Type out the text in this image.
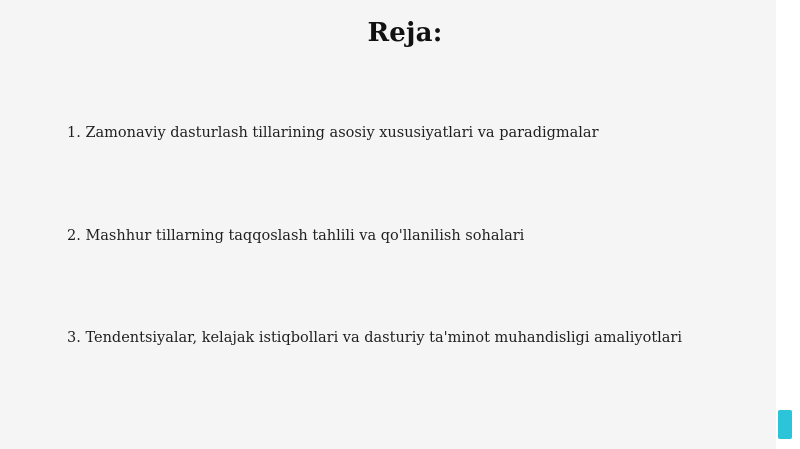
Reja:
1. Zamonaviy dasturlash tillarining asosiy xususiyatlari va paradigmalar
2. Mashhur tillarning taqqoslash tahlili va qo'llanilish sohalari
3. Tendentsiyalar, kelajak istiqbollari va dasturiy ta'minot muhandisligi amaliyotlari
